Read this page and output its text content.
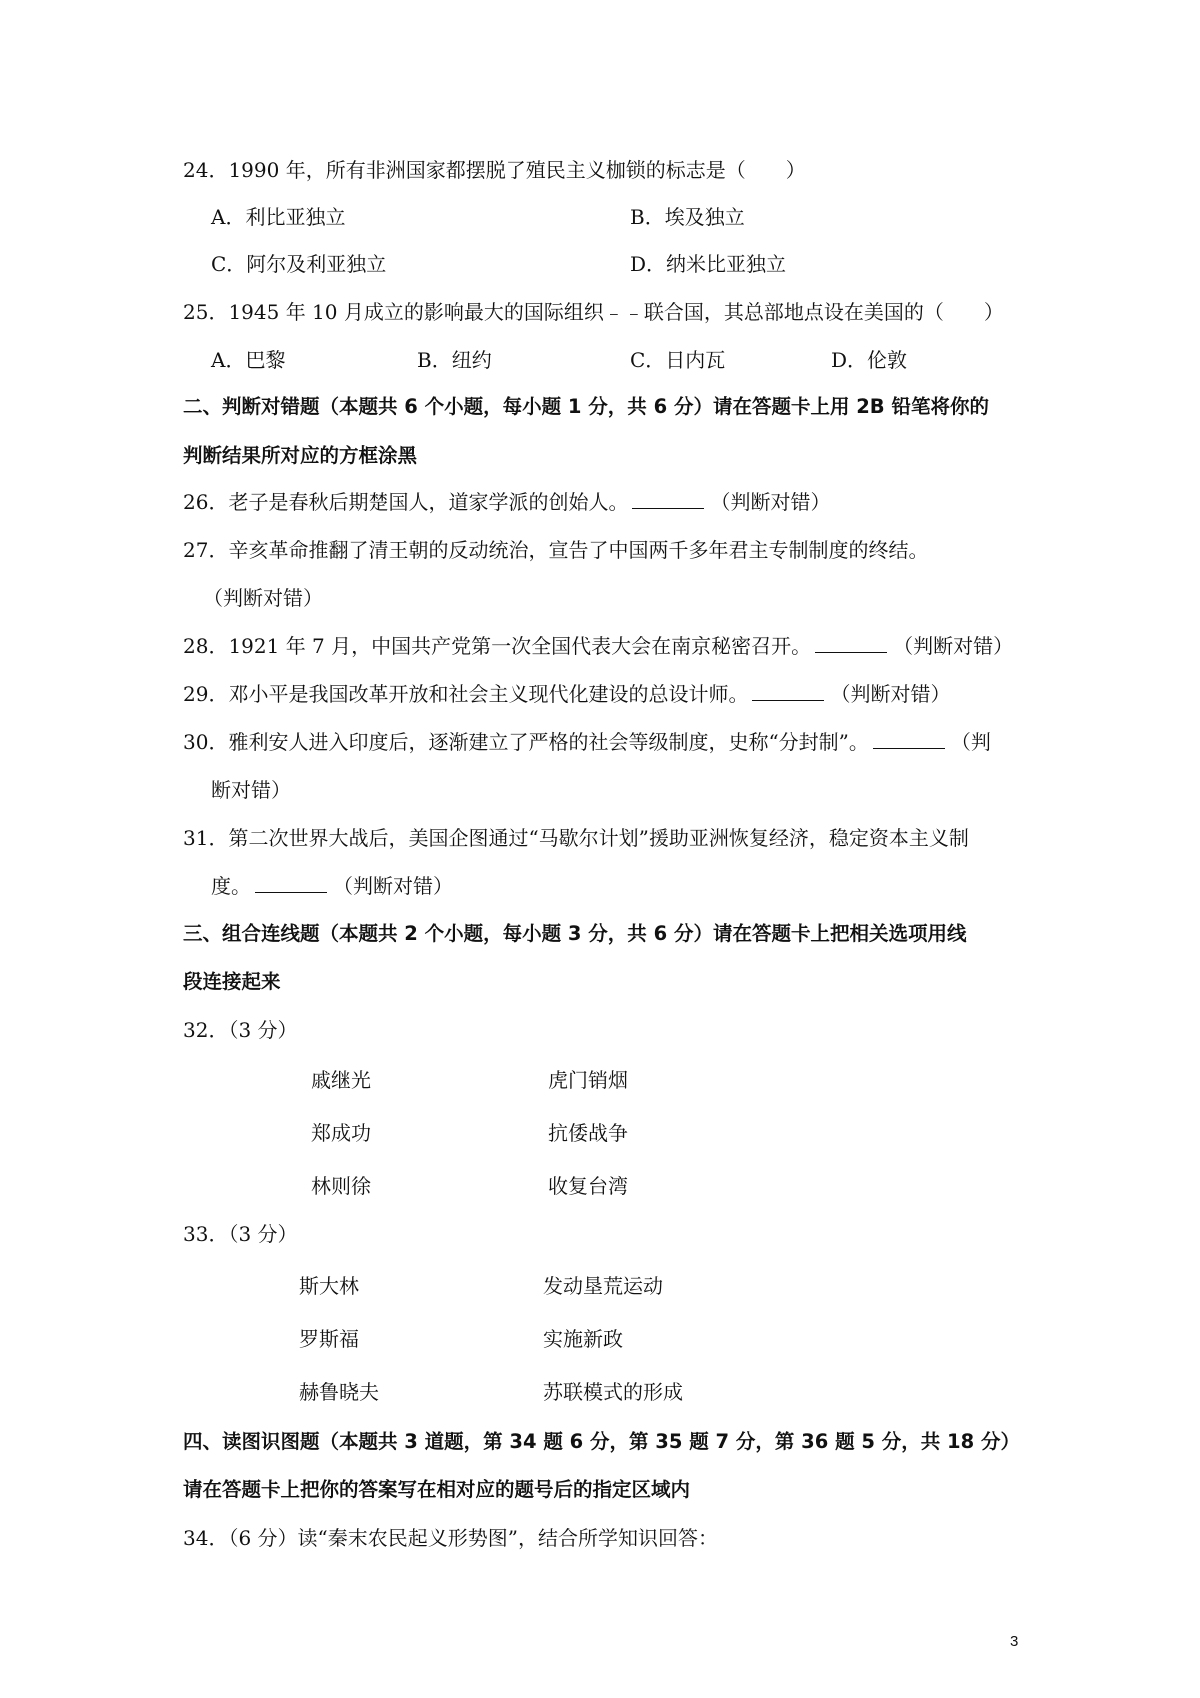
24．1990 年，所有非洲国家都摆脱了殖民主义枷锁的标志是（　　）
A．利比亚独立	B．埃及独立
C．阿尔及利亚独立	D．纳米比亚独立
25．1945 年 10 月成立的影响最大的国际组织﹣﹣联合国，其总部地点设在美国的（　　）
A．巴黎	B．纽约	C．日内瓦	D．伦敦
二、判断对错题（本题共 6 个小题，每小题 1 分，共 6 分）请在答题卡上用 2B 铅笔将你的
判断结果所对应的方框涂黑
26．老子是春秋后期楚国人，道家学派的创始人。	（判断对错）
27．辛亥革命推翻了清王朝的反动统治，宣告了中国两千多年君主专制制度的终结。
（判断对错）
28．1921 年 7 月，中国共产党第一次全国代表大会在南京秘密召开。	（判断对错）
29．邓小平是我国改革开放和社会主义现代化建设的总设计师。	（判断对错）
30．雅利安人进入印度后，逐渐建立了严格的社会等级制度，史称“分封制”。	（判
断对错）
31．第二次世界大战后，美国企图通过“马歇尔计划”援助亚洲恢复经济，稳定资本主义制
度。	（判断对错）
三、组合连线题（本题共 2 个小题，每小题 3 分，共 6 分）请在答题卡上把相关选项用线
段连接起来
32．（3 分）
戚继光	虎门销烟
郑成功	抗倭战争
林则徐	收复台湾
33．（3 分）
斯大林	发动垦荒运动
罗斯福	实施新政
赫鲁晓夫	苏联模式的形成
四、读图识图题（本题共 3 道题，第 34 题 6 分，第 35 题 7 分，第 36 题 5 分，共 18 分）
请在答题卡上把你的答案写在相对应的题号后的指定区域内
34．（6 分）读“秦末农民起义形势图”，结合所学知识回答：
3
